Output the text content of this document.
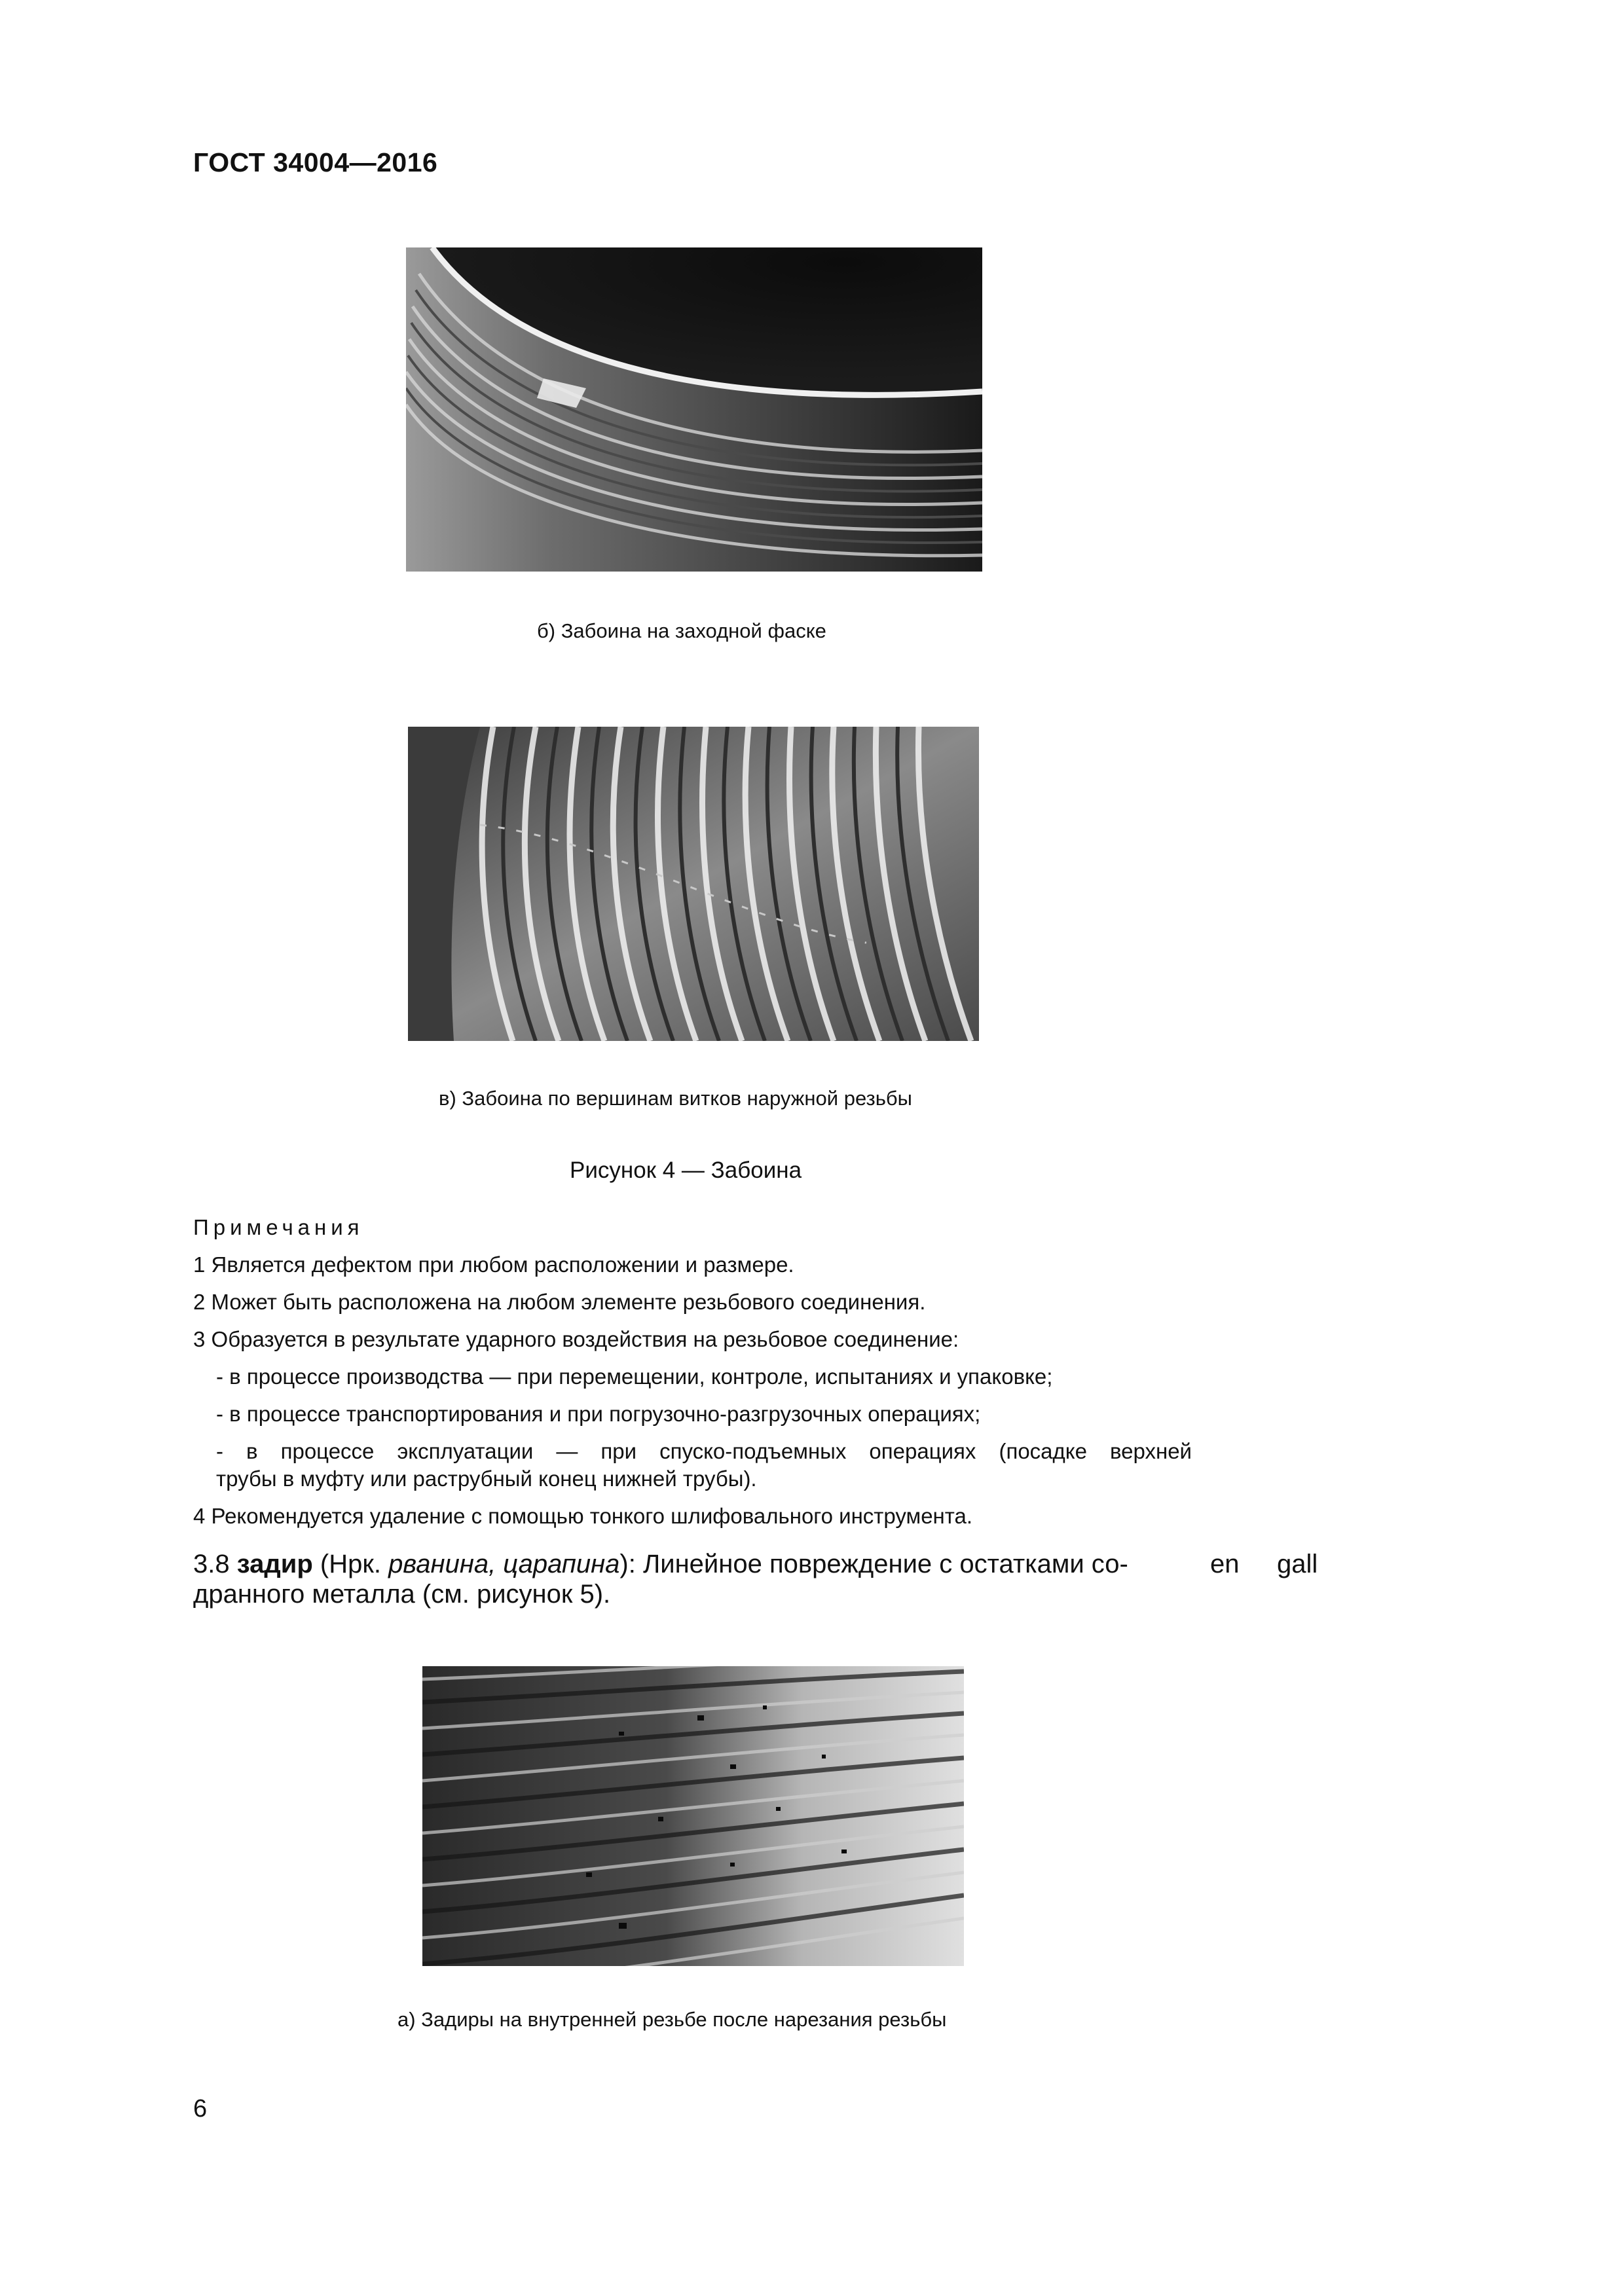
ГОСТ 34004—2016
б) Забоина на заходной фаске
в) Забоина по вершинам витков наружной резьбы
Рисунок 4 — Забоина
Примечания
1 Является дефектом при любом расположении и размере.
2 Может быть расположена на любом элементе резьбового соединения.
3 Образуется в результате ударного воздействия на резьбовое соединение:
- в процессе производства — при перемещении, контроле, испытаниях и упаковке;
- в процессе транспортирования и при погрузочно-разгрузочных операциях;
- в процессе эксплуатации — при спуско-подъемных операциях (посадке верхней
трубы в муфту или раструбный конец нижней трубы).
4 Рекомендуется удаление с помощью тонкого шлифовального инструмента.
3.8 задир (Нрк. рванина, царапина): Линейное повреждение с остатками со-	en gall
дранного металла (см. рисунок 5).
а) Задиры на внутренней резьбе после нарезания резьбы
6
